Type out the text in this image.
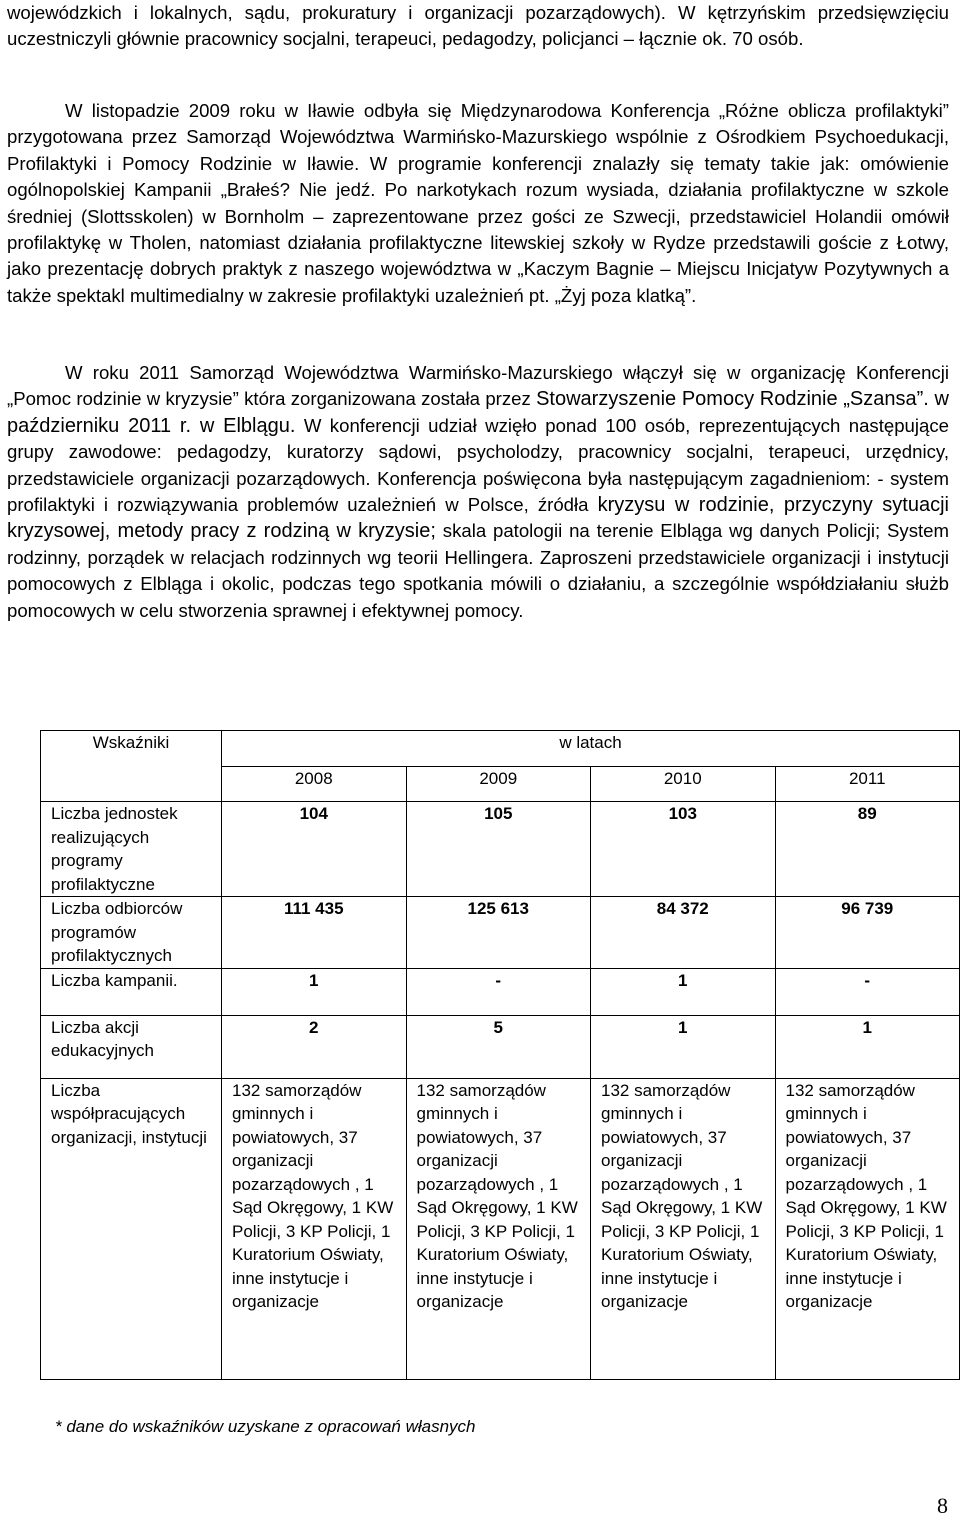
wojewódzkich i lokalnych, sądu, prokuratury i organizacji pozarządowych). W kętrzyńskim przedsięwzięciu uczestniczyli głównie pracownicy socjalni, terapeuci, pedagodzy, policjanci – łącznie ok. 70 osób.

W listopadzie 2009 roku w Iławie odbyła się Międzynarodowa Konferencja „Różne oblicza profilaktyki” przygotowana przez Samorząd Województwa Warmińsko-Mazurskiego wspólnie z Ośrodkiem Psychoedukacji, Profilaktyki i Pomocy Rodzinie w Iławie. W programie konferencji znalazły się tematy takie jak: omówienie ogólnopolskiej Kampanii „Brałeś? Nie jedź. Po narkotykach rozum wysiada, działania profilaktyczne w szkole średniej (Slottsskolen) w Bornholm – zaprezentowane przez gości ze Szwecji, przedstawiciel Holandii omówił profilaktykę w Tholen, natomiast działania profilaktyczne litewskiej szkoły w Rydze przedstawili goście z Łotwy, jako prezentację dobrych praktyk z naszego województwa w „Kaczym Bagnie – Miejscu Inicjatyw Pozytywnych a także spektakl multimedialny w zakresie profilaktyki uzależnień pt. „Żyj poza klatką”.

W roku 2011 Samorząd Województwa Warmińsko-Mazurskiego włączył się w organizację Konferencji „Pomoc rodzinie w kryzysie” która zorganizowana została przez Stowarzyszenie Pomocy Rodzinie „Szansa”. w październiku 2011 r. w Elblągu. W konferencji udział wzięło ponad 100 osób, reprezentujących następujące grupy zawodowe: pedagodzy, kuratorzy sądowi, psycholodzy, pracownicy socjalni, terapeuci, urzędnicy, przedstawiciele organizacji pozarządowych. Konferencja poświęcona była następującym zagadnieniom: - system profilaktyki i rozwiązywania problemów uzależnień w Polsce, źródła kryzysu w rodzinie, przyczyny sytuacji kryzysowej, metody pracy z rodziną w kryzysie; skala patologii na terenie Elbląga wg danych Policji; System rodzinny, porządek w relacjach rodzinnych wg teorii Hellingera. Zaproszeni przedstawiciele organizacji i instytucji pomocowych z Elbląga i okolic, podczas tego spotkania mówili o działaniu, a szczególnie współdziałaniu służb pomocowych w celu stworzenia sprawnej i efektywnej pomocy.

Wskaźniki	w latach			
	2008	2009	2010	2011
Liczba jednostek realizujących programy profilaktyczne	104	105	103	89
Liczba odbiorców programów profilaktycznych	111 435	125 613	84 372	96 739
Liczba kampanii.	1	-	1	-
Liczba akcji edukacyjnych	2	5	1	1
Liczba współpracujących organizacji, instytucji	132 samorządów gminnych i powiatowych, 37 organizacji pozarządowych , 1 Sąd Okręgowy, 1 KW Policji, 3 KP Policji, 1 Kuratorium Oświaty, inne instytucje i organizacje	132 samorządów gminnych i powiatowych, 37 organizacji pozarządowych , 1 Sąd Okręgowy, 1 KW Policji, 3 KP Policji, 1 Kuratorium Oświaty, inne instytucje i organizacje	132 samorządów gminnych i powiatowych, 37 organizacji pozarządowych , 1 Sąd Okręgowy, 1 KW Policji, 3 KP Policji, 1 Kuratorium Oświaty, inne instytucje i organizacje	132 samorządów gminnych i powiatowych, 37 organizacji pozarządowych , 1 Sąd Okręgowy, 1 KW Policji, 3 KP Policji, 1 Kuratorium Oświaty, inne instytucje i organizacje
* dane do wskaźników uzyskane z opracowań własnych
8
